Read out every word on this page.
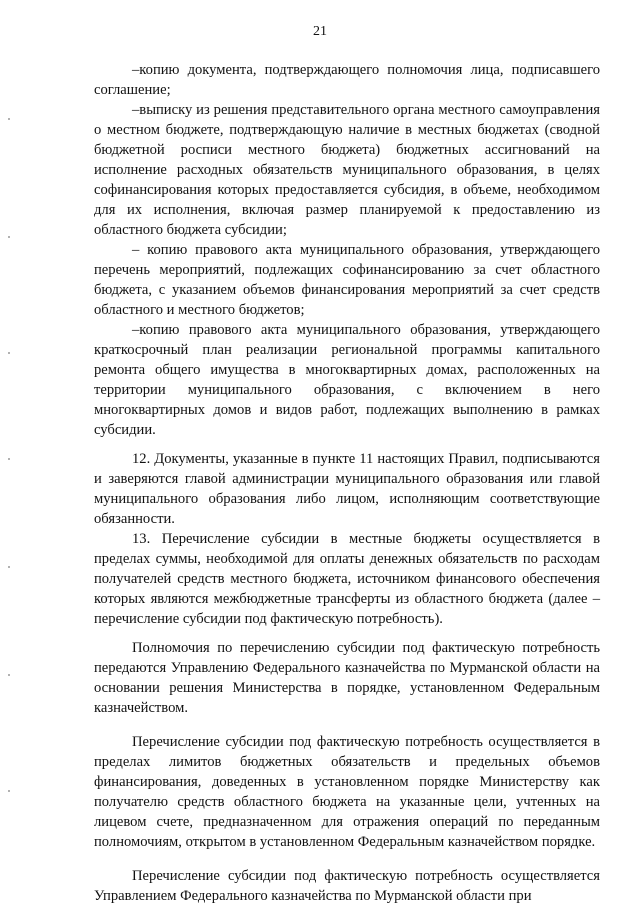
21

–копию документа, подтверждающего полномочия лица, подписавшего соглашение;

–выписку из решения представительного органа местного самоуправления о местном бюджете, подтверждающую наличие в местных бюджетах (сводной бюджетной росписи местного бюджета) бюджетных ассигнований на исполнение расходных обязательств муниципального образования, в целях софинансирования которых предоставляется субсидия, в объеме, необходимом для их исполнения, включая размер планируемой к предоставлению из областного бюджета субсидии;

– копию правового акта муниципального образования, утверждающего перечень мероприятий, подлежащих софинансированию за счет областного бюджета, с указанием объемов финансирования мероприятий за счет средств областного и местного бюджетов;

–копию правового акта муниципального образования, утверждающего краткосрочный план реализации региональной программы капитального ремонта общего имущества в многоквартирных домах, расположенных на территории муниципального образования, с включением в него многоквартирных домов и видов работ, подлежащих выполнению в рамках субсидии.

12. Документы, указанные в пункте 11 настоящих Правил, подписываются и заверяются главой администрации муниципального образования или главой муниципального образования либо лицом, исполняющим соответствующие обязанности.

13. Перечисление субсидии в местные бюджеты осуществляется в пределах суммы, необходимой для оплаты денежных обязательств по расходам получателей средств местного бюджета, источником финансового обеспечения которых являются межбюджетные трансферты из областного бюджета (далее – перечисление субсидии под фактическую потребность).

Полномочия по перечислению субсидии под фактическую потребность передаются Управлению Федерального казначейства по Мурманской области на основании решения Министерства в порядке, установленном Федеральным казначейством.

Перечисление субсидии под фактическую потребность осуществляется в пределах лимитов бюджетных обязательств и предельных объемов финансирования, доведенных в установленном порядке Министерству как получателю средств областного бюджета на указанные цели, учтенных на лицевом счете, предназначенном для отражения операций по переданным полномочиям, открытом в установленном Федеральным казначейством порядке.

Перечисление субсидии под фактическую потребность осуществляется Управлением Федерального казначейства по Мурманской области при
